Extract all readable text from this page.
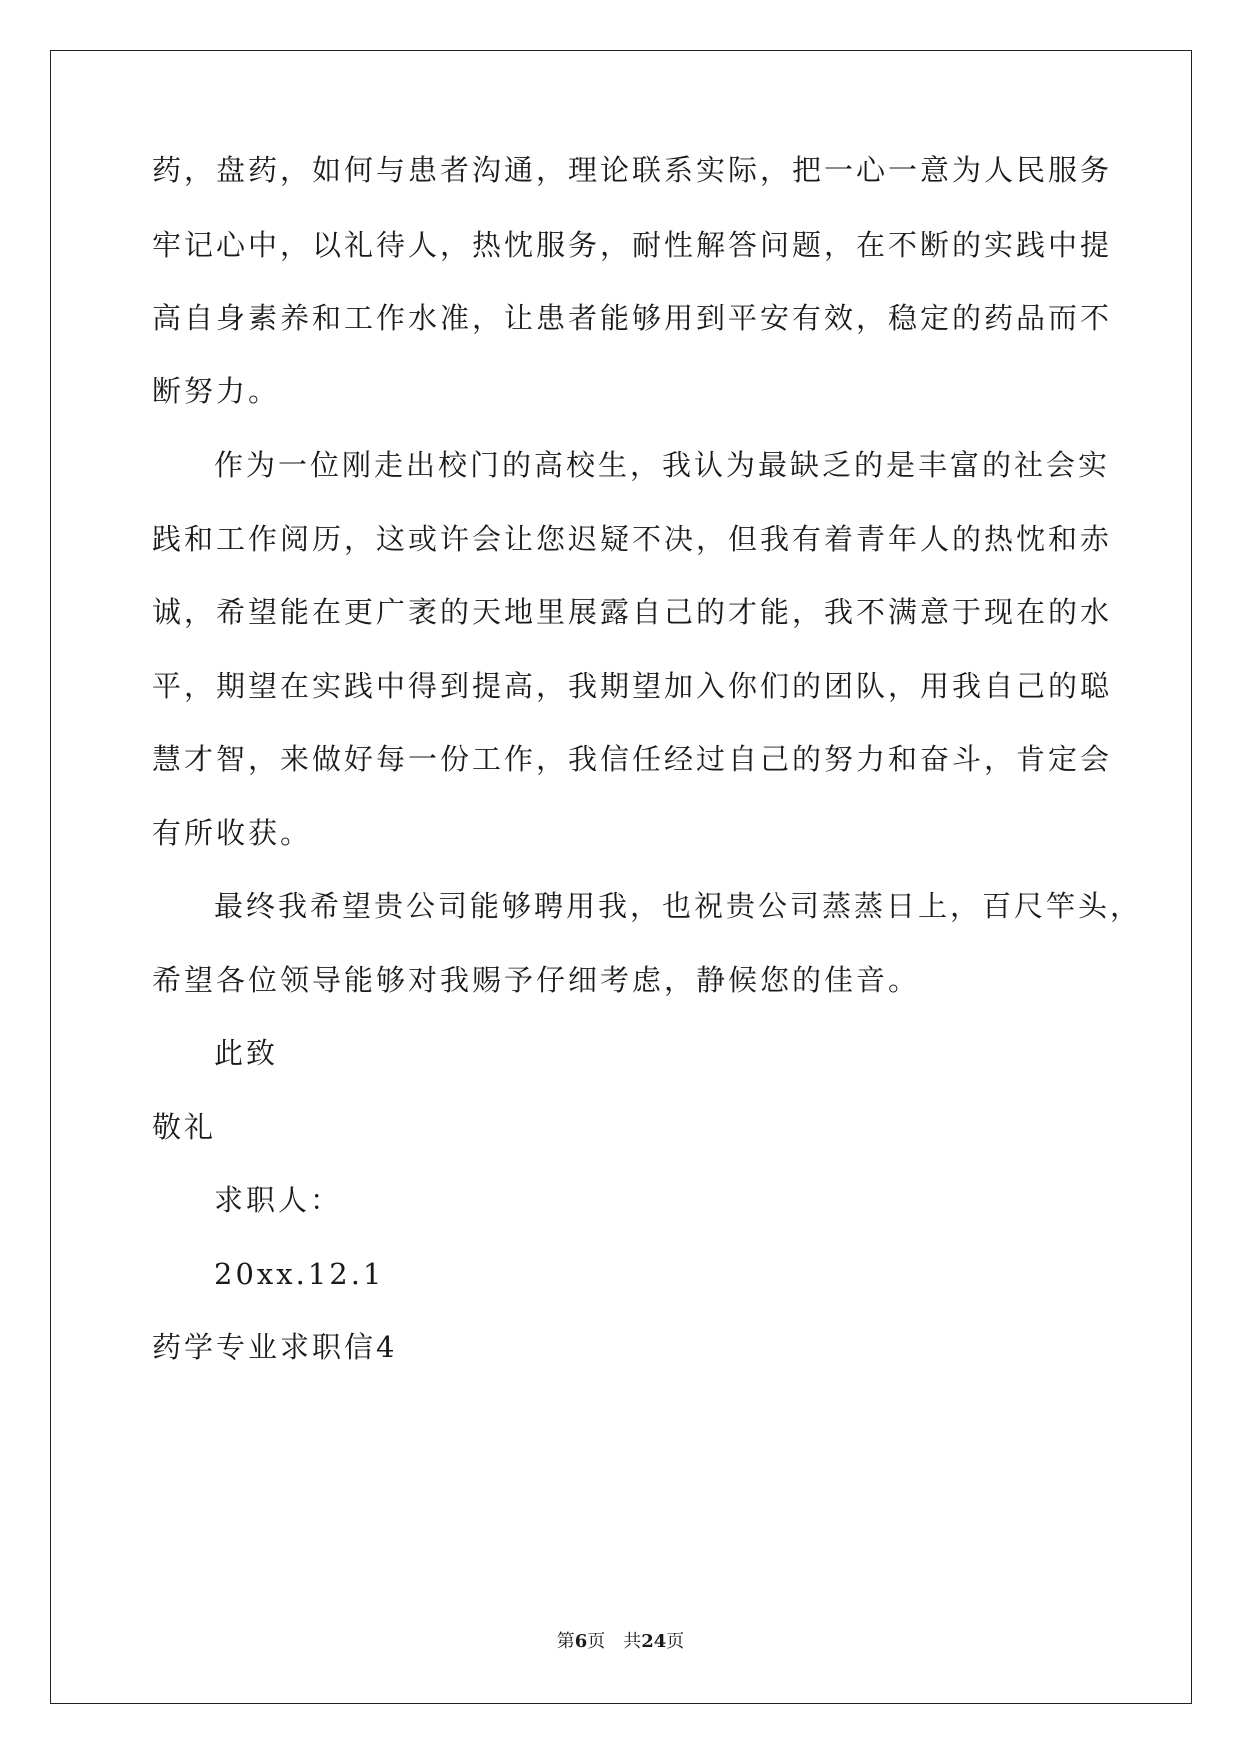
药，盘药，如何与患者沟通，理论联系实际，把一心一意为人民服务
牢记心中，以礼待人，热忱服务，耐性解答问题，在不断的实践中提
高自身素养和工作水准，让患者能够用到平安有效，稳定的药品而不
断努力。
作为一位刚走出校门的高校生，我认为最缺乏的是丰富的社会实
践和工作阅历，这或许会让您迟疑不决，但我有着青年人的热忱和赤
诚，希望能在更广袤的天地里展露自己的才能，我不满意于现在的水
平，期望在实践中得到提高，我期望加入你们的团队，用我自己的聪
慧才智，来做好每一份工作，我信任经过自己的努力和奋斗，肯定会
有所收获。
最终我希望贵公司能够聘用我，也祝贵公司蒸蒸日上，百尺竿头，
希望各位领导能够对我赐予仔细考虑，静候您的佳音。
此致
敬礼
求职人：
20xx.12.1
药学专业求职信4
第6页　共24页
